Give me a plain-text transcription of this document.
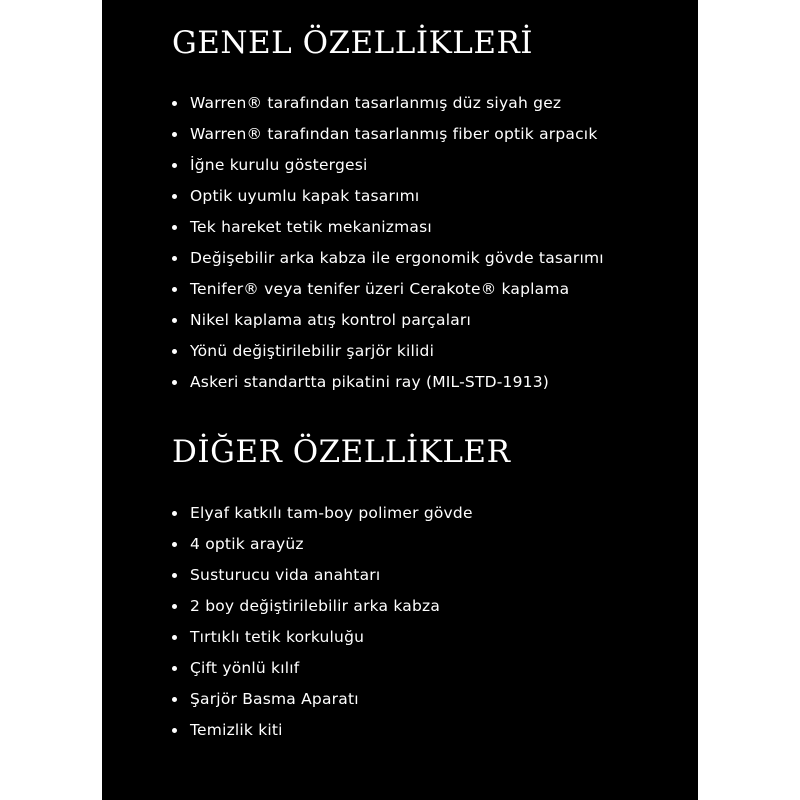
GENEL ÖZELLİKLERİ
Warren® tarafından tasarlanmış düz siyah gez
Warren® tarafından tasarlanmış fiber optik arpacık
İğne kurulu göstergesi
Optik uyumlu kapak tasarımı
Tek hareket tetik mekanizması
Değişebilir arka kabza ile ergonomik gövde tasarımı
Tenifer® veya tenifer üzeri Cerakote® kaplama
Nikel kaplama atış kontrol parçaları
Yönü değiştirilebilir şarjör kilidi
Askeri standartta pikatini ray (MIL-STD-1913)
DİĞER ÖZELLİKLER
Elyaf katkılı tam-boy polimer gövde
4 optik arayüz
Susturucu vida anahtarı
2 boy değiştirilebilir arka kabza
Tırtıklı tetik korkuluğu
Çift yönlü kılıf
Şarjör Basma Aparatı
Temizlik kiti
